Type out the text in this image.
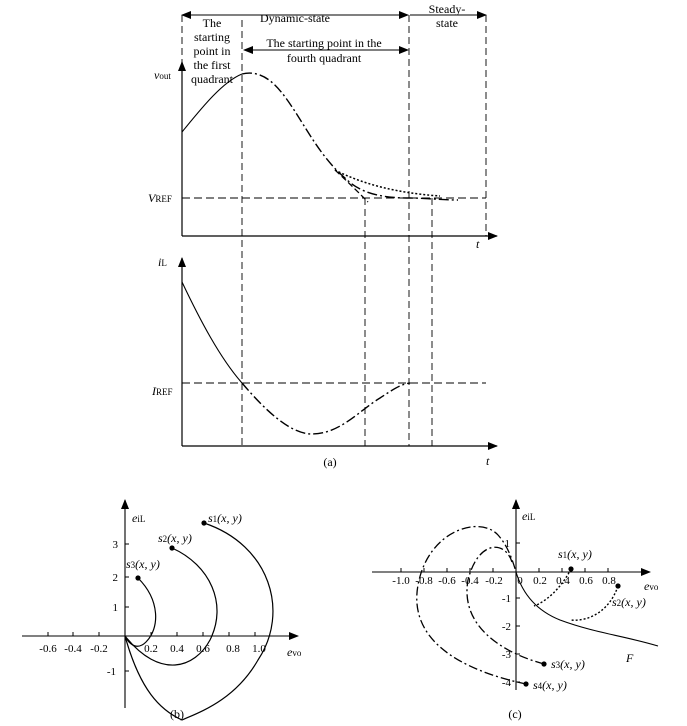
Dynamic-state
Steady-
state
The
starting
point in
the first
quadrant
The starting point in the
fourth quadrant
vout
VREF
t
iL
IREF
t
(a)
-0.6 -0.4 -0.2	0.2 0.4 0.6 0.8 1.0
-1
1
2
3
eiL
evo
s1(x, y)
s2(x, y)
s3(x, y)
(b)
-1.0 -0.8 -0.6 -0.4 -0.2 0 0.2 0.4 0.6 0.8
1
-1
-2
-3
-4
eiL
evo
s1(x, y)
s2(x, y)
s3(x, y)
s4(x, y)
F
(c)
